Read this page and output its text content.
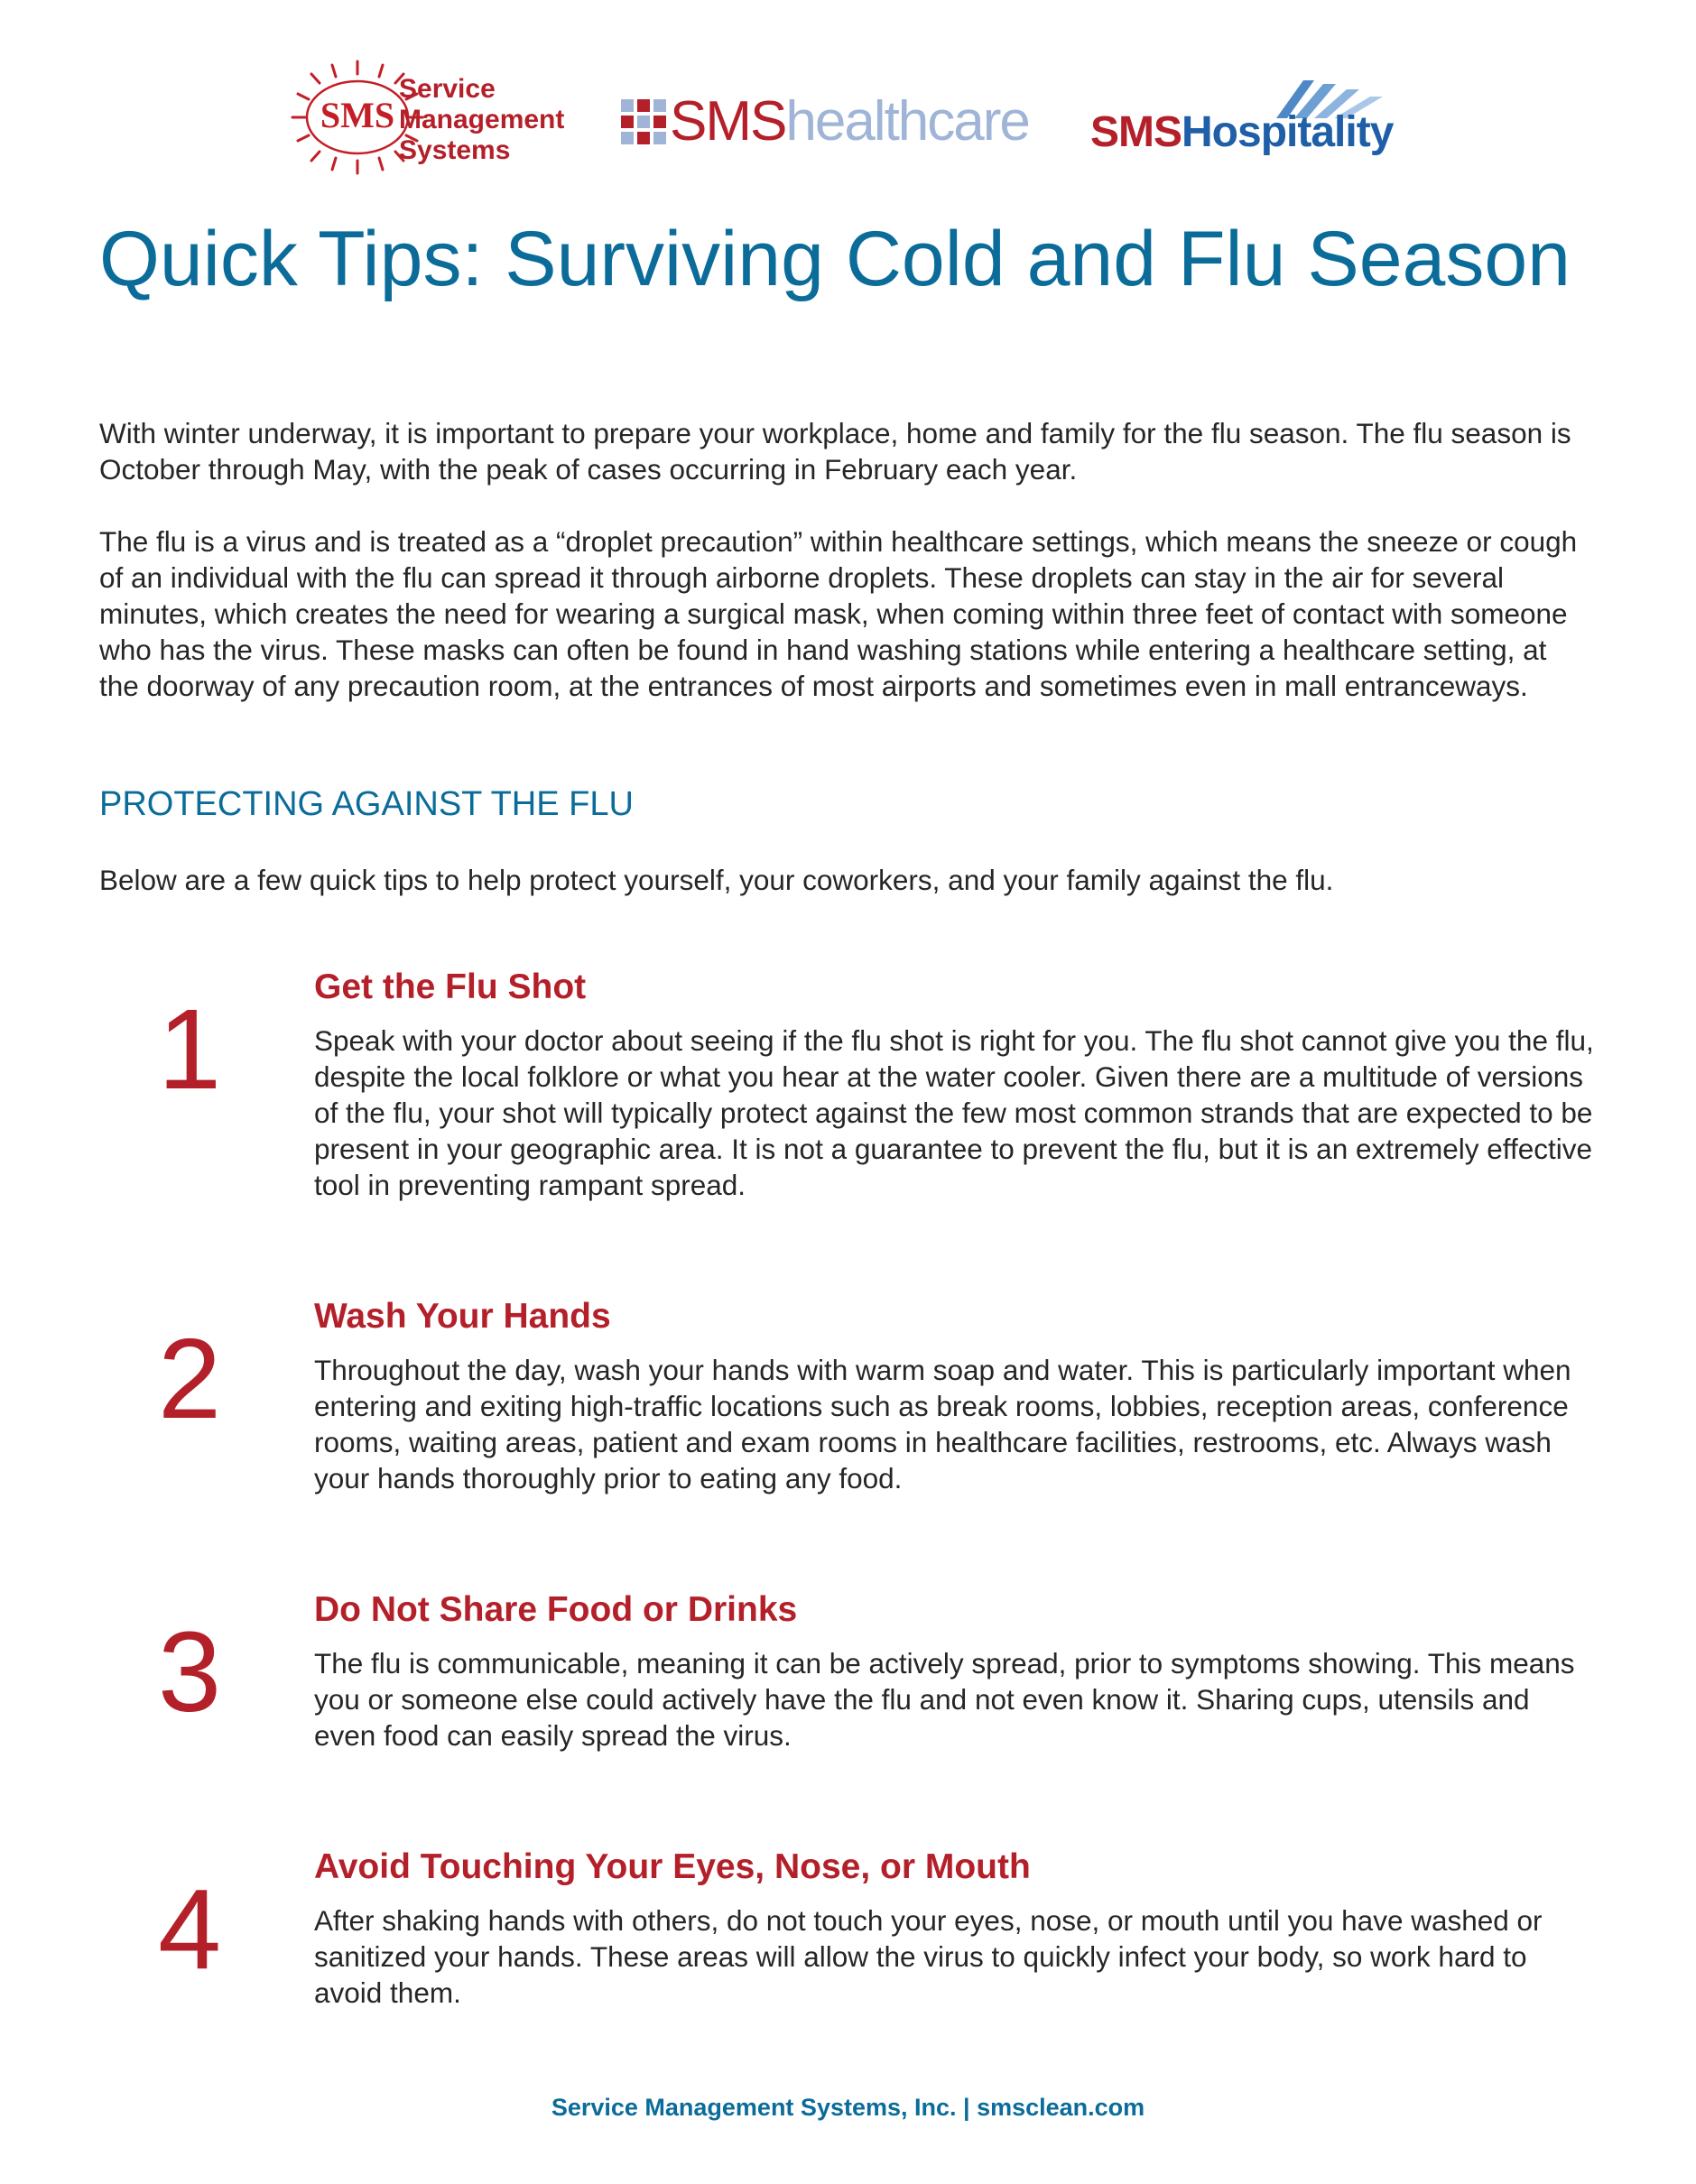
SMS
Service
Management
Systems	SMShealthcare SMSHospitality
Quick Tips: Surviving Cold and Flu Season

With winter underway, it is important to prepare your workplace, home and family for the flu season. The flu season is October through May, with the peak of cases occurring in February each year.

The flu is a virus and is treated as a “droplet precaution” within healthcare settings, which means the sneeze or cough of an individual with the flu can spread it through airborne droplets. These droplets can stay in the air for several minutes, which creates the need for wearing a surgical mask, when coming within three feet of contact with someone who has the virus. These masks can often be found in hand washing stations while entering a healthcare setting, at the doorway of any precaution room, at the entrances of most airports and sometimes even in mall entranceways.

PROTECTING AGAINST THE FLU

Below are a few quick tips to help protect yourself, your coworkers, and your family against the flu.

1	Get the Flu Shot

Speak with your doctor about seeing if the flu shot is right for you. The flu shot cannot give you the flu, despite the local folklore or what you hear at the water cooler. Given there are a multitude of versions of the flu, your shot will typically protect against the few most common strands that are expected to be present in your geographic area. It is not a guarantee to prevent the flu, but it is an extremely effective tool in preventing rampant spread.

2	Wash Your Hands

Throughout the day, wash your hands with warm soap and water. This is particularly important when entering and exiting high-traffic locations such as break rooms, lobbies, reception areas, conference rooms, waiting areas, patient and exam rooms in healthcare facilities, restrooms, etc. Always wash your hands thoroughly prior to eating any food.

3	Do Not Share Food or Drinks

The flu is communicable, meaning it can be actively spread, prior to symptoms showing. This means you or someone else could actively have the flu and not even know it. Sharing cups, utensils and even food can easily spread the virus.

4	Avoid Touching Your Eyes, Nose, or Mouth

After shaking hands with others, do not touch your eyes, nose, or mouth until you have washed or sanitized your hands. These areas will allow the virus to quickly infect your body, so work hard to avoid them.

Service Management Systems, Inc. | smsclean.com
